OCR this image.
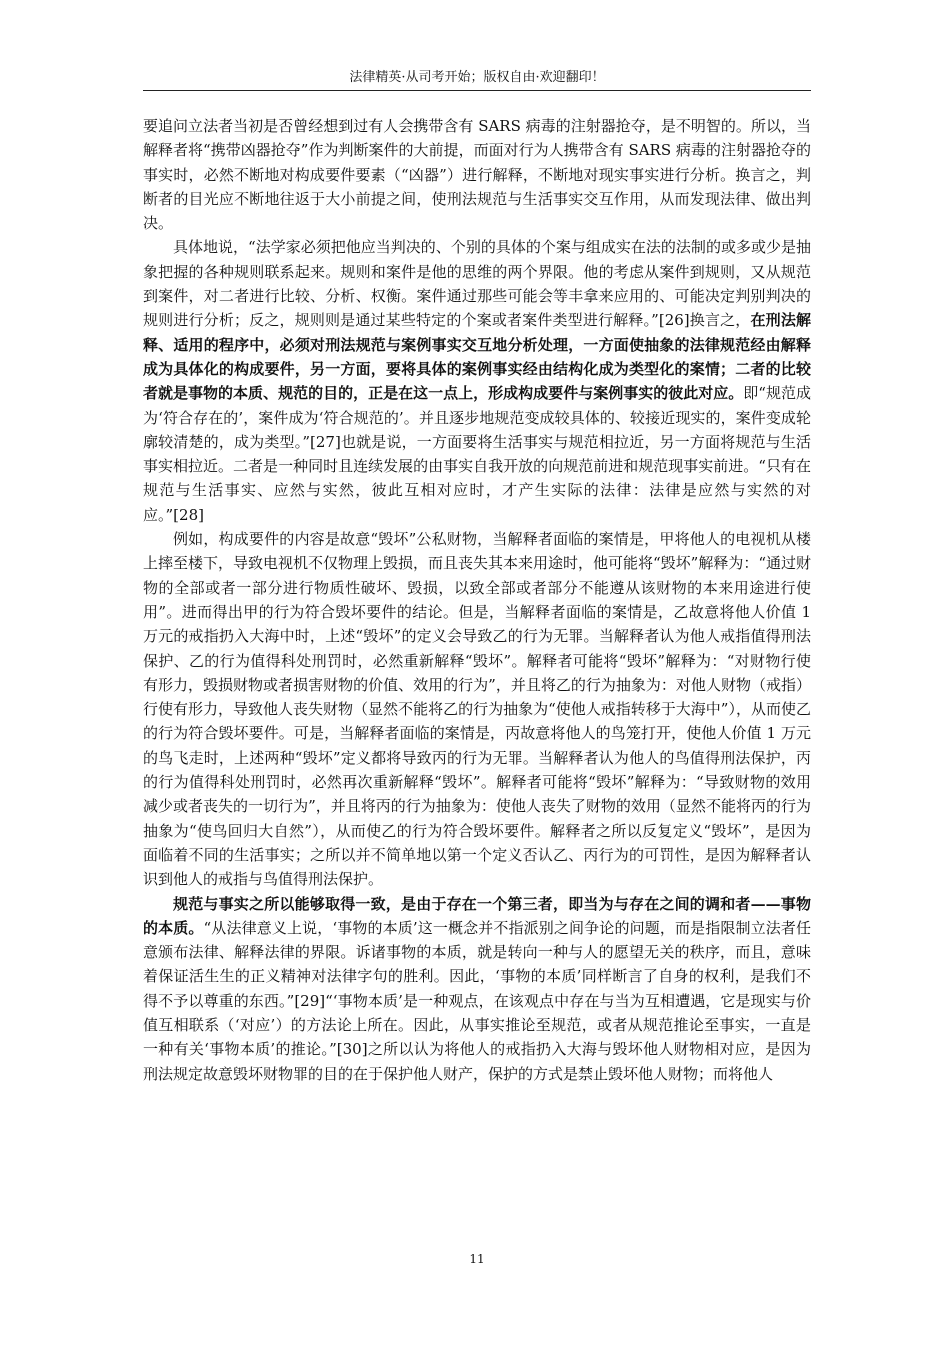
法律精英·从司考开始；版权自由·欢迎翻印！

要追问立法者当初是否曾经想到过有人会携带含有 SARS 病毒的注射器抢夺，是不明智的。所以，当解释者将“携带凶器抢夺”作为判断案件的大前提，而面对行为人携带含有 SARS 病毒的注射器抢夺的事实时，必然不断地对构成要件要素（“凶器”）进行解释，不断地对现实事实进行分析。换言之，判断者的目光应不断地往返于大小前提之间，使刑法规范与生活事实交互作用，从而发现法律、做出判决。

具体地说，“法学家必须把他应当判决的、个别的具体的个案与组成实在法的法制的或多或少是抽象把握的各种规则联系起来。规则和案件是他的思维的两个界限。他的考虑从案件到规则，又从规范到案件，对二者进行比较、分析、权衡。案件通过那些可能会等丰拿来应用的、可能决定判别判决的规则进行分析；反之，规则则是通过某些特定的个案或者案件类型进行解释。”[26]换言之，在刑法解释、适用的程序中，必须对刑法规范与案例事实交互地分析处理，一方面使抽象的法律规范经由解释成为具体化的构成要件，另一方面，要将具体的案例事实经由结构化成为类型化的案情；二者的比较者就是事物的本质、规范的目的，正是在这一点上，形成构成要件与案例事实的彼此对应。即“规范成为‘符合存在的’，案件成为‘符合规范的’。并且逐步地规范变成较具体的、较接近现实的，案件变成轮廓较清楚的，成为类型。”[27]也就是说，一方面要将生活事实与规范相拉近，另一方面将规范与生活事实相拉近。二者是一种同时且连续发展的由事实自我开放的向规范前进和规范现事实前进。“只有在规范与生活事实、应然与实然，彼此互相对应时，才产生实际的法律：法律是应然与实然的对应。”[28]

例如，构成要件的内容是故意“毁坏”公私财物，当解释者面临的案情是，甲将他人的电视机从楼上摔至楼下，导致电视机不仅物理上毁损，而且丧失其本来用途时，他可能将“毁坏”解释为：“通过财物的全部或者一部分进行物质性破坏、毁损，以致全部或者部分不能遵从该财物的本来用途进行使用”。进而得出甲的行为符合毁坏要件的结论。但是，当解释者面临的案情是，乙故意将他人价值 1 万元的戒指扔入大海中时，上述“毁坏”的定义会导致乙的行为无罪。当解释者认为他人戒指值得刑法保护、乙的行为值得科处刑罚时，必然重新解释“毁坏”。解释者可能将“毁坏”解释为：“对财物行使有形力，毁损财物或者损害财物的价值、效用的行为”，并且将乙的行为抽象为：对他人财物（戒指）行使有形力，导致他人丧失财物（显然不能将乙的行为抽象为“使他人戒指转移于大海中”），从而使乙的行为符合毁坏要件。可是，当解释者面临的案情是，丙故意将他人的鸟笼打开，使他人价值 1 万元的鸟飞走时，上述两种“毁坏”定义都将导致丙的行为无罪。当解释者认为他人的鸟值得刑法保护，丙的行为值得科处刑罚时，必然再次重新解释“毁坏”。解释者可能将“毁坏”解释为：“导致财物的效用减少或者丧失的一切行为”，并且将丙的行为抽象为：使他人丧失了财物的效用（显然不能将丙的行为抽象为“使鸟回归大自然”），从而使乙的行为符合毁坏要件。解释者之所以反复定义“毁坏”，是因为面临着不同的生活事实；之所以并不简单地以第一个定义否认乙、丙行为的可罚性，是因为解释者认识到他人的戒指与鸟值得刑法保护。

规范与事实之所以能够取得一致，是由于存在一个第三者，即当为与存在之间的调和者——事物的本质。“从法律意义上说，‘事物的本质’这一概念并不指派别之间争论的问题，而是指限制立法者任意颁布法律、解释法律的界限。诉诸事物的本质，就是转向一种与人的愿望无关的秩序，而且，意味着保证活生生的正义精神对法律字句的胜利。因此，‘事物的本质’同样断言了自身的权利，是我们不得不予以尊重的东西。”[29]“‘事物本质’是一种观点，在该观点中存在与当为互相遭遇，它是现实与价值互相联系（‘对应’）的方法论上所在。因此，从事实推论至规范，或者从规范推论至事实，一直是一种有关‘事物本质’的推论。”[30]之所以认为将他人的戒指扔入大海与毁坏他人财物相对应，是因为刑法规定故意毁坏财物罪的目的在于保护他人财产，保护的方式是禁止毁坏他人财物；而将他人

11
